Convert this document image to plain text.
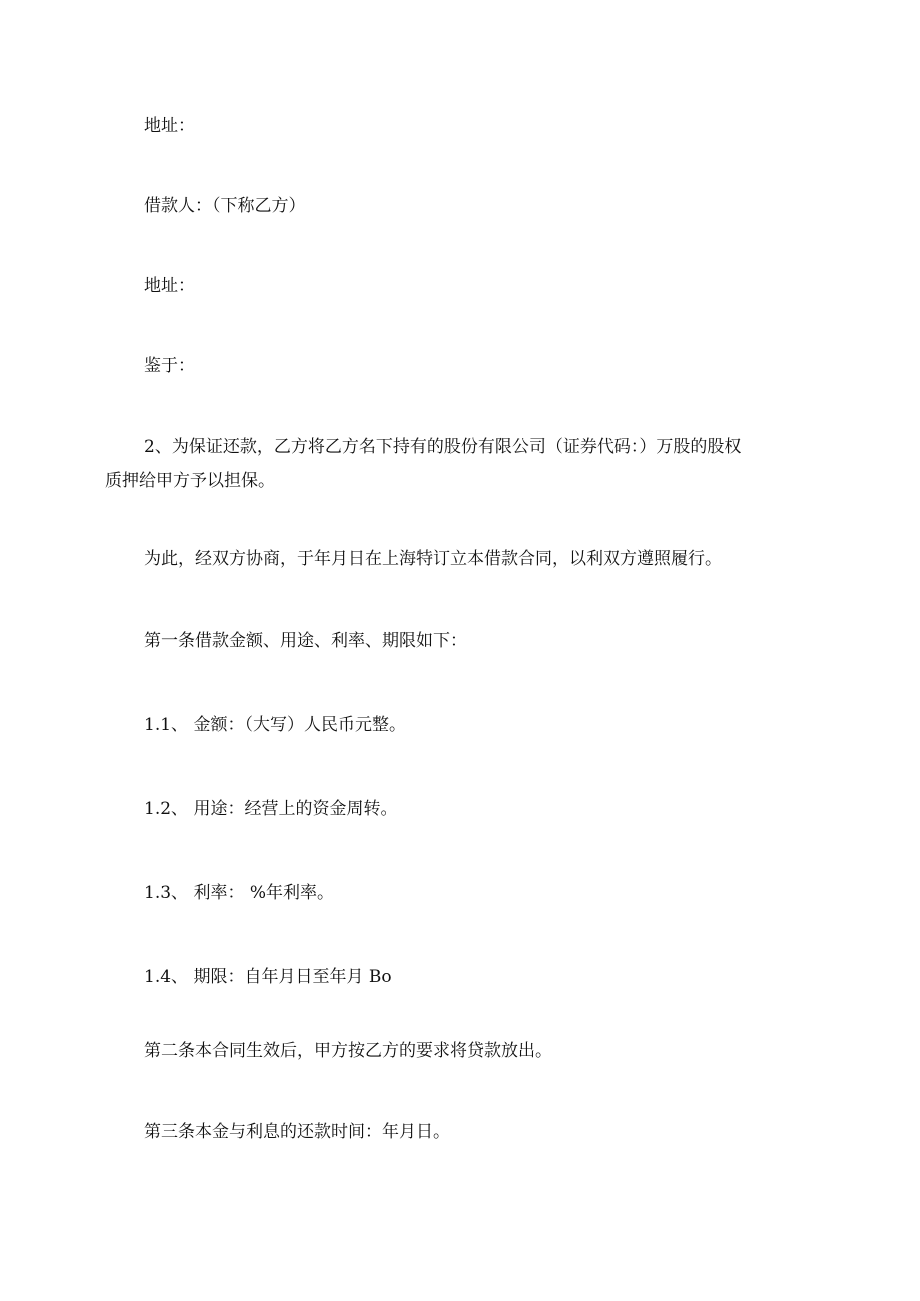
地址：

借款人：（下称乙方）

地址：

鉴于：

2、为保证还款，乙方将乙方名下持有的股份有限公司（证券代码：）万股的股权

质押给甲方予以担保。

为此，经双方协商，于年月日在上海特订立本借款合同，以利双方遵照履行。

第一条借款金额、用途、利率、期限如下：

1.1、 金额：（大写）人民币元整。

1.2、 用途：经营上的资金周转。

1.3、 利率： %年利率。

1.4、 期限：自年月日至年月 Bo

第二条本合同生效后，甲方按乙方的要求将贷款放出。

第三条本金与利息的还款时间：年月日。
